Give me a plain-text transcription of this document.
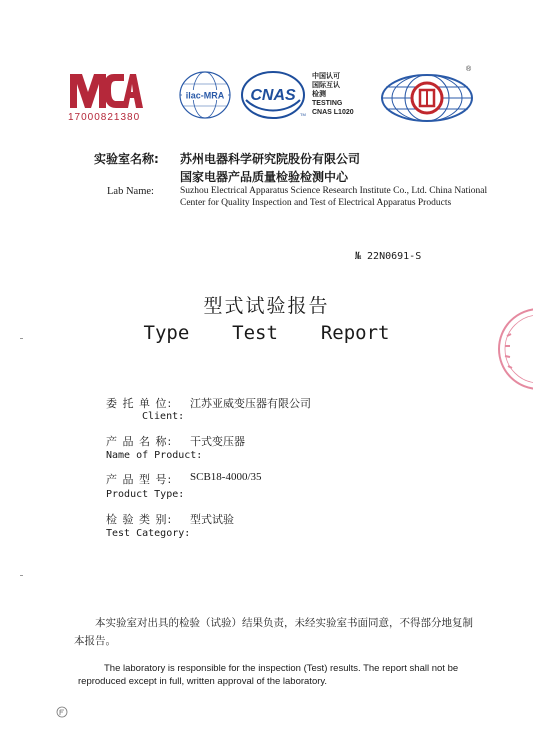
ilac-MRA CNAS
TM
®
17000821380
中国认可
国际互认
检测
TESTING
CNAS L1020
实验室名称: 苏州电器科学研究院股份有限公司
国家电器产品质量检验检测中心
Lab Name:	Suzhou Electrical Apparatus Science Research Institute Co., Ltd. China National Center for Quality Inspection and Test of Electrical Apparatus Products
№ 22N0691-S
型式试验报告
Type  Test  Report
委 托 单 位: 江苏亚威变压器有限公司
Client:
产 品 名 称: 干式变压器
Name of Product:
产 品 型 号: SCB18-4000/35
Product Type:
检 验 类 别: 型式试验
Test Category:
本实验室对出具的检验（试验）结果负责，未经实验室书面同意，不得部分地复制本报告。
The laboratory is responsible for the inspection (Test) results. The report shall not be reproduced except in full, written approval of the laboratory.
